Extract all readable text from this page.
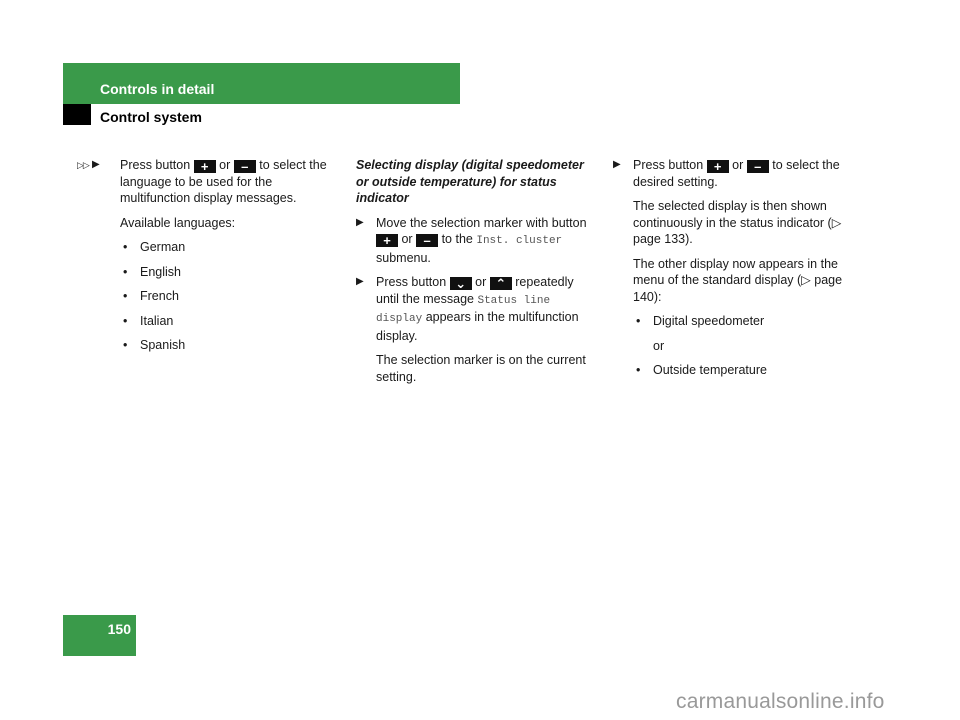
Controls in detail
Control system
▷▷ ▶ Press button + or – to select the language to be used for the multifunction display messages.

Available languages:

• German
• English
• French
• Italian
• Spanish

Selecting display (digital speedometer or outside temperature) for status indicator

▶ Move the selection marker with button + or – to the Inst. cluster submenu.

▶ Press button ⌄ or ⌃ repeatedly until the message Status line display appears in the multifunction display.

The selection marker is on the current setting.

▶ Press button + or – to select the desired setting.

The selected display is then shown continuously in the status indicator (▷ page 133).

The other display now appears in the menu of the standard display (▷ page 140):

• Digital speedometer

or

• Outside temperature
150
carmanualsonline.info
